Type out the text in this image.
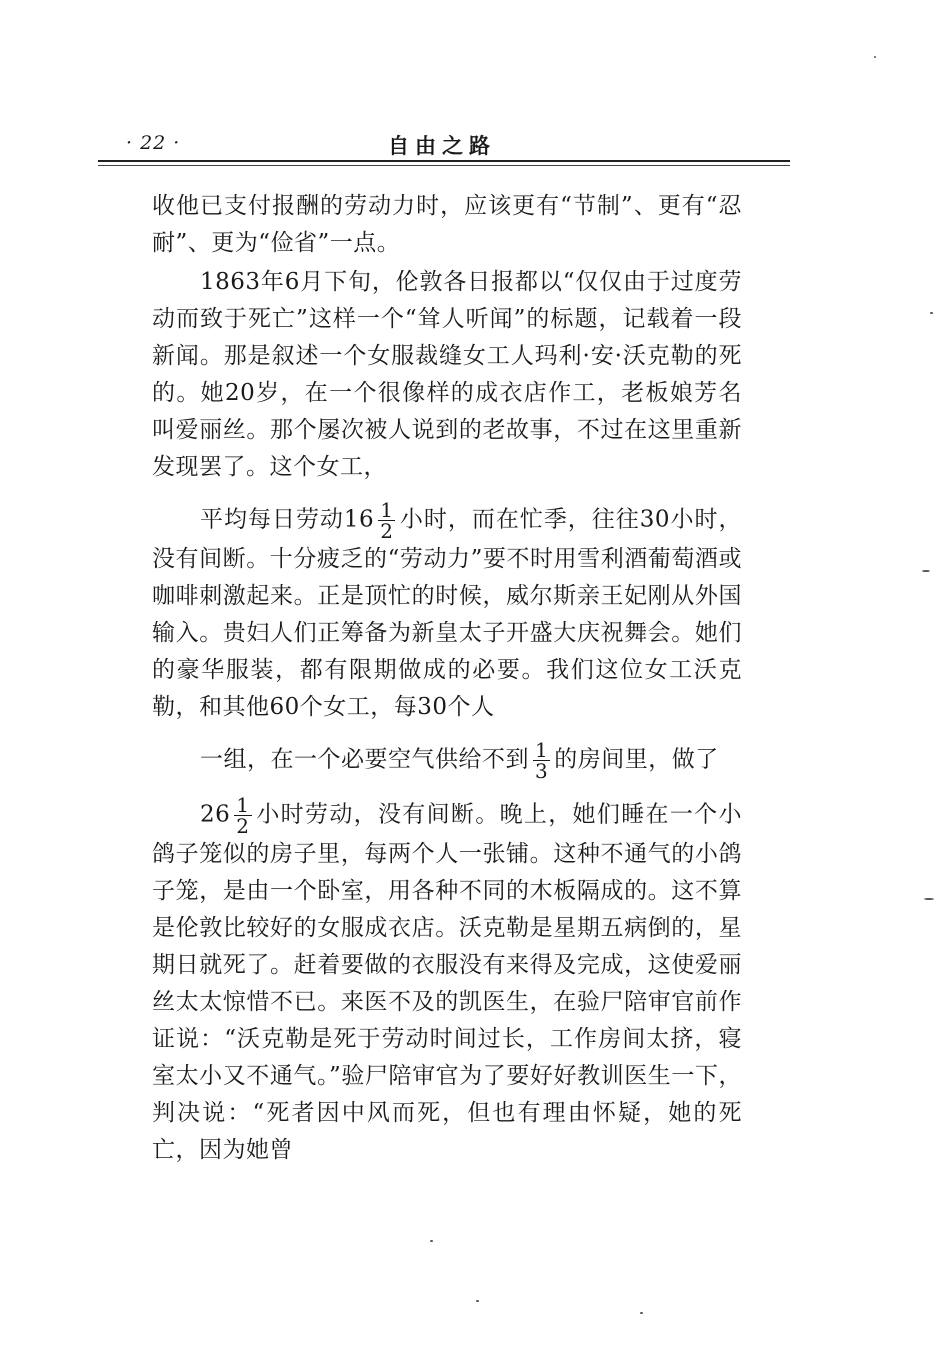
· 22 ·	自由之路

收他已支付报酬的劳动力时，应该更有“节制”、更有“忍耐”、更为“俭省”一点。

1863年6月下旬，伦敦各日报都以“仅仅由于过度劳动而致于死亡”这样一个“耸人听闻”的标题，记载着一段新闻。那是叙述一个女服裁缝女工人玛利·安·沃克勒的死的。她20岁，在一个很像样的成衣店作工，老板娘芳名叫爱丽丝。那个屡次被人说到的老故事，不过在这里重新发现罢了。这个女工，
平均每日劳动$16 \frac{1}{2}$ 小时，而在忙季，往往30小时，没有间断。十分疲乏的“劳动力”要不时用雪利酒葡萄酒或咖啡刺激起来。正是顶忙的时候，威尔斯亲王妃刚从外国输入。贵妇人们正筹备为新皇太子开盛大庆祝舞会。她们的豪华服装，都有限期做成的必要。我们这位女工沃克勒，和其他60个女工，每30个人
一组，在一个必要空气供给不到 $\frac{1}{3}$ 的房间里，做了
$26 \frac{1}{2}$ 小时劳动，没有间断。晚上，她们睡在一个小鸽子笼似的房子里，每两个人一张铺。这种不通气的小鸽子笼，是由一个卧室，用各种不同的木板隔成的。这不算是伦敦比较好的女服成衣店。沃克勒是星期五病倒的，星期日就死了。赶着要做的衣服没有来得及完成，这使爱丽丝太太惊惜不已。来医不及的凯医生，在验尸陪审官前作证说：“沃克勒是死于劳动时间过长，工作房间太挤，寝室太小又不通气。”验尸陪审官为了要好好教训医生一下，判决说：“死者因中风而死，但也有理由怀疑，她的死亡，因为她曾
